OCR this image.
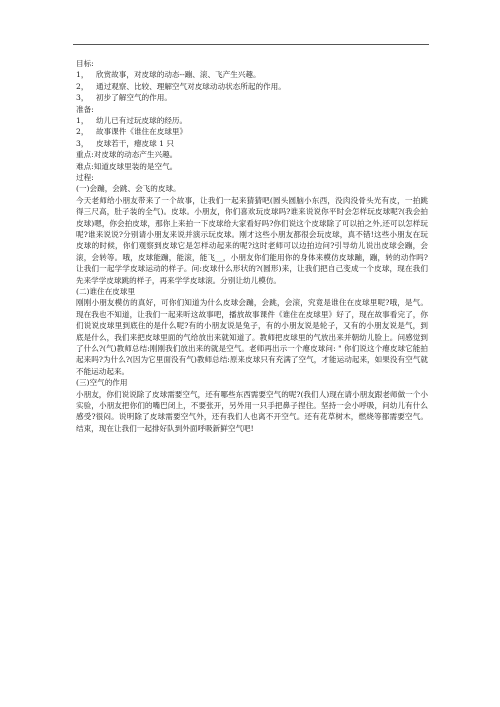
目标:
1， 欣赏故事，对皮球的动态--蹦、滚、飞产生兴趣。
2， 通过观察、比较、理解空气对皮球动动状态所起的作用。
3， 初步了解空气的作用。
准备:
1， 幼儿已有过玩皮球的经历。
2， 故事课件《谁住在皮球里》
3， 皮球若干，瘪皮球 1 只
重点:对皮球的动态产生兴趣。
难点:知道皮球里装的是空气。
过程:
(一)会蹦，会跳、会飞的皮球。
今天老师给小朋友带来了一个故事，让我们一起来猜猜吧(圆头圆脑小东西，没肉没骨头光有皮，一拍跳得三尺高，肚子装的全气)。皮球。小朋友，你们喜欢玩皮球吗?谁来说说你平时会怎样玩皮球呢?(我会拍皮球)嗯，你会拍皮球，那你上来拍一下皮球给大家看好吗?你们说这个皮球除了可以拍之外,还可以怎样玩呢?谁来说说?分别请小朋友来说并演示玩皮球。刚才这些小朋友都很会玩皮球，真不错!这些小朋友在玩皮球的时候，你们观察到皮球它是怎样动起来的呢?这时老师可以边拍边问?引导幼儿说出皮球会蹦，会滚，会转等。哦，皮球能蹦，能滚，能飞__，小朋友你们能用你的身体来模仿皮球蹦，蹦，转的动作吗?让我们一起学学皮球运动的样子。问:皮球什么形状的?(圆形)来，让我们把自己变成一个皮球，现在我们先来学学皮球跳的样子，再来学学皮球滚。分别让幼儿模仿。
(二)谁住在皮球里
刚刚小朋友模仿的真好，可你们知道为什么皮球会蹦，会跳，会滚，究竟是谁住在皮球里呢?哦，是气。现在我也不知道，让我们一起来听这故事吧，播放故事课件《谁住在皮球里》好了，现在故事看完了，你们说说皮球里到底住的是什么呢?有的小朋友说是兔子，有的小朋友说是轮子，又有的小朋友说是气，到底是什么，我们来把皮球里面的气给放出来就知道了。教师把皮球里的气放出来并朝幼儿脸上。问感觉到了什么?(气)教师总结:刚刚我们放出来的就是空气。老师再出示一个瘪皮球问: " 你们说这个瘪皮球它能拍起来吗?为什么?(因为它里面没有气)教师总结:原来皮球只有充满了空气，才能运动起来，如果没有空气就不能运动起来。
(三)空气的作用
小朋友，你们说说除了皮球需要空气，还有哪些东西需要空气的呢?(我们人)现在请小朋友跟老师做一个小实验，小朋友把你们的嘴巴闭上，不要张开，另外用一只手把鼻子捏住。坚持一会小呼吸，问幼儿有什么感受?很闷。说明除了皮球需要空气外，还有我们人也离不开空气。还有花草树木，燃烧等都需要空气。结束，现在让我们一起排好队到外面呼吸新鲜空气吧!
